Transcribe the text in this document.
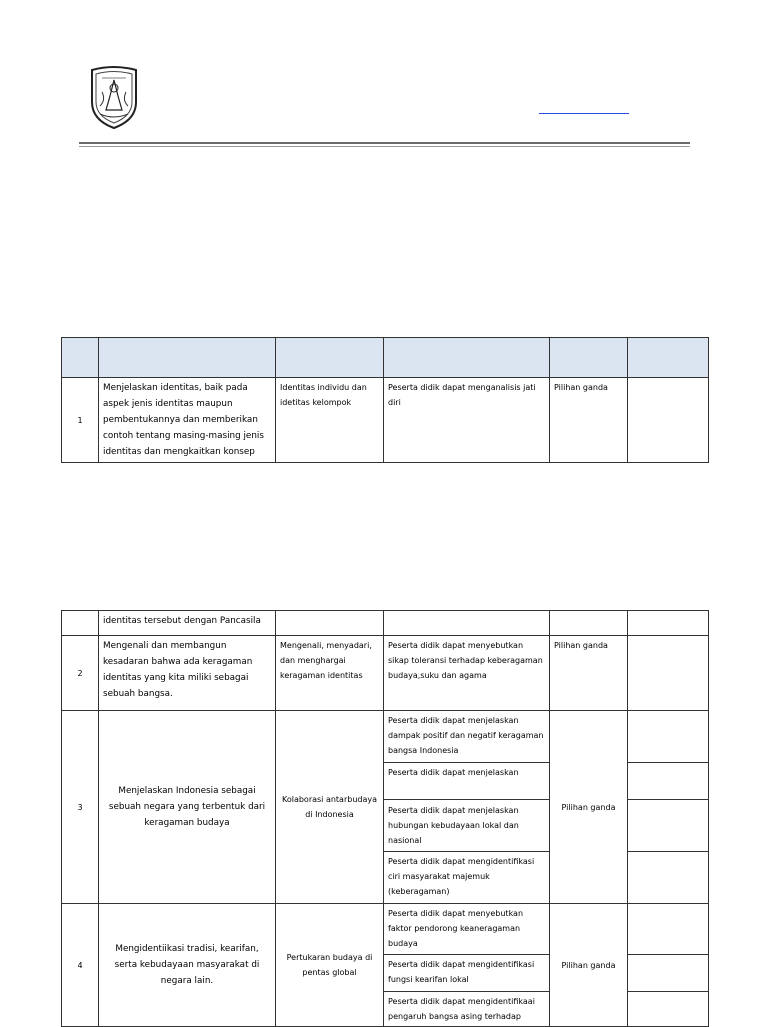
1	Menjelaskan identitas, baik pada aspek jenis identitas maupun pembentukannya dan memberikan contoh tentang masing-masing jenis identitas dan mengkaitkan konsep	Identitas individu dan idetitas kelompok	Peserta didik dapat menganalisis jati diri	Pilihan ganda	
	identitas tersebut dengan Pancasila				
2	Mengenali dan membangun kesadaran bahwa ada keragaman identitas yang kita miliki sebagai sebuah bangsa.	Mengenali, menyadari, dan menghargai keragaman identitas	Peserta didik dapat menyebutkan sikap toleransi terhadap keberagaman budaya,suku dan agama	Pilihan ganda	
3	Menjelaskan Indonesia sebagai sebuah negara yang terbentuk dari keragaman budaya	Kolaborasi antarbudaya di Indonesia	Peserta didik dapat menjelaskan dampak positif dan negatif keragaman bangsa Indonesia	Pilihan ganda	
			Peserta didik dapat menjelaskan		
			Peserta didik dapat menjelaskan hubungan kebudayaan lokal dan nasional		
			Peserta didik dapat mengidentifikasi ciri masyarakat majemuk (keberagaman)		
4	Mengidentiikasi tradisi, kearifan, serta kebudayaan masyarakat di negara lain.	Pertukaran budaya di pentas global	Peserta didik dapat menyebutkan faktor pendorong keaneragaman budaya	Pilihan ganda	
			Peserta didik dapat mengidentifikasi fungsi kearifan lokal		
			Peserta didik dapat mengidentifikaai pengaruh bangsa asing terhadap		
